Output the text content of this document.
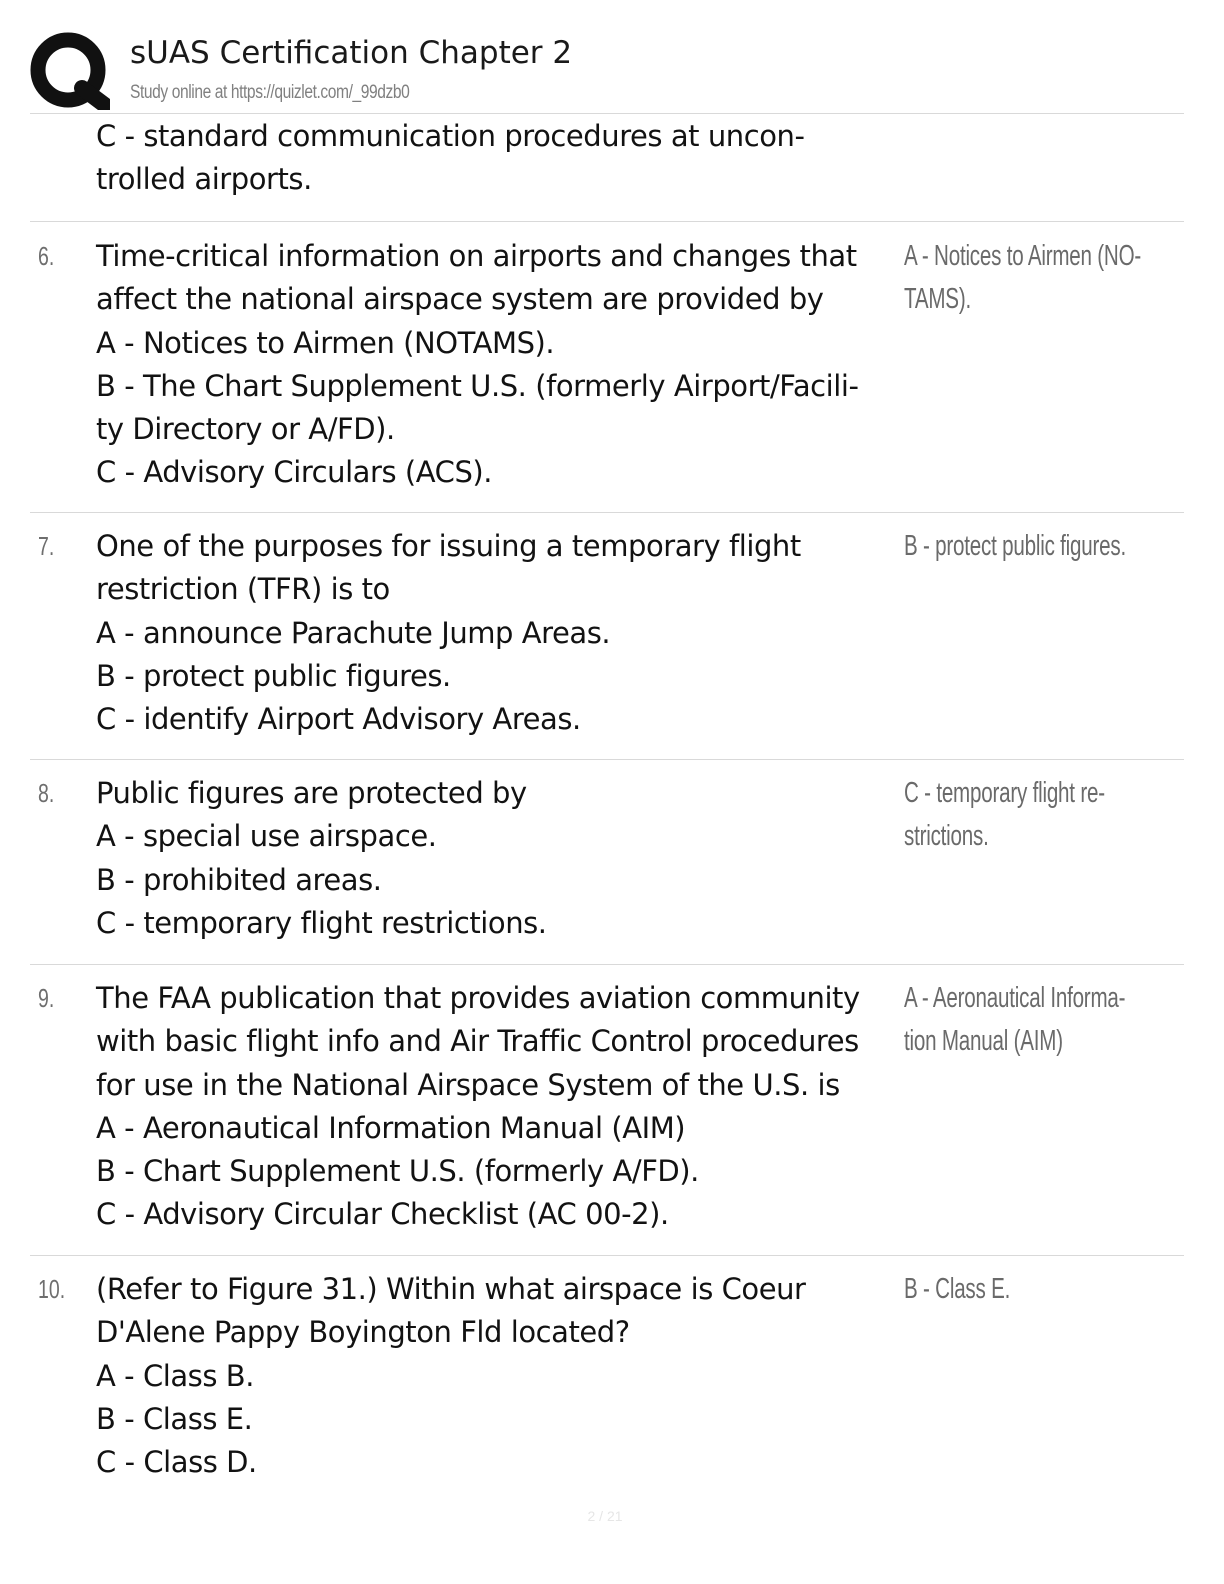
sUAS Certification Chapter 2
Study online at https://quizlet.com/_99dzb0
C - standard communication procedures at uncon-
trolled airports.
6. Time-critical information on airports and changes that
affect the national airspace system are provided by
A - Notices to Airmen (NOTAMS).
B - The Chart Supplement U.S. (formerly Airport/Facili-
ty Directory or A/FD).
C - Advisory Circulars (ACS).
A - Notices to Airmen (NO-
TAMS).
7. One of the purposes for issuing a temporary flight
restriction (TFR) is to
A - announce Parachute Jump Areas.
B - protect public figures.
C - identify Airport Advisory Areas.
B - protect public figures.
8. Public figures are protected by
A - special use airspace.
B - prohibited areas.
C - temporary flight restrictions.
C - temporary flight re-
strictions.
9. The FAA publication that provides aviation community
with basic flight info and Air Traffic Control procedures
for use in the National Airspace System of the U.S. is
A - Aeronautical Information Manual (AIM)
B - Chart Supplement U.S. (formerly A/FD).
C - Advisory Circular Checklist (AC 00-2).
A - Aeronautical Informa-
tion Manual (AIM)
10. (Refer to Figure 31.) Within what airspace is Coeur
D'Alene Pappy Boyington Fld located?
A - Class B.
B - Class E.
C - Class D.
B - Class E.
2 / 21
